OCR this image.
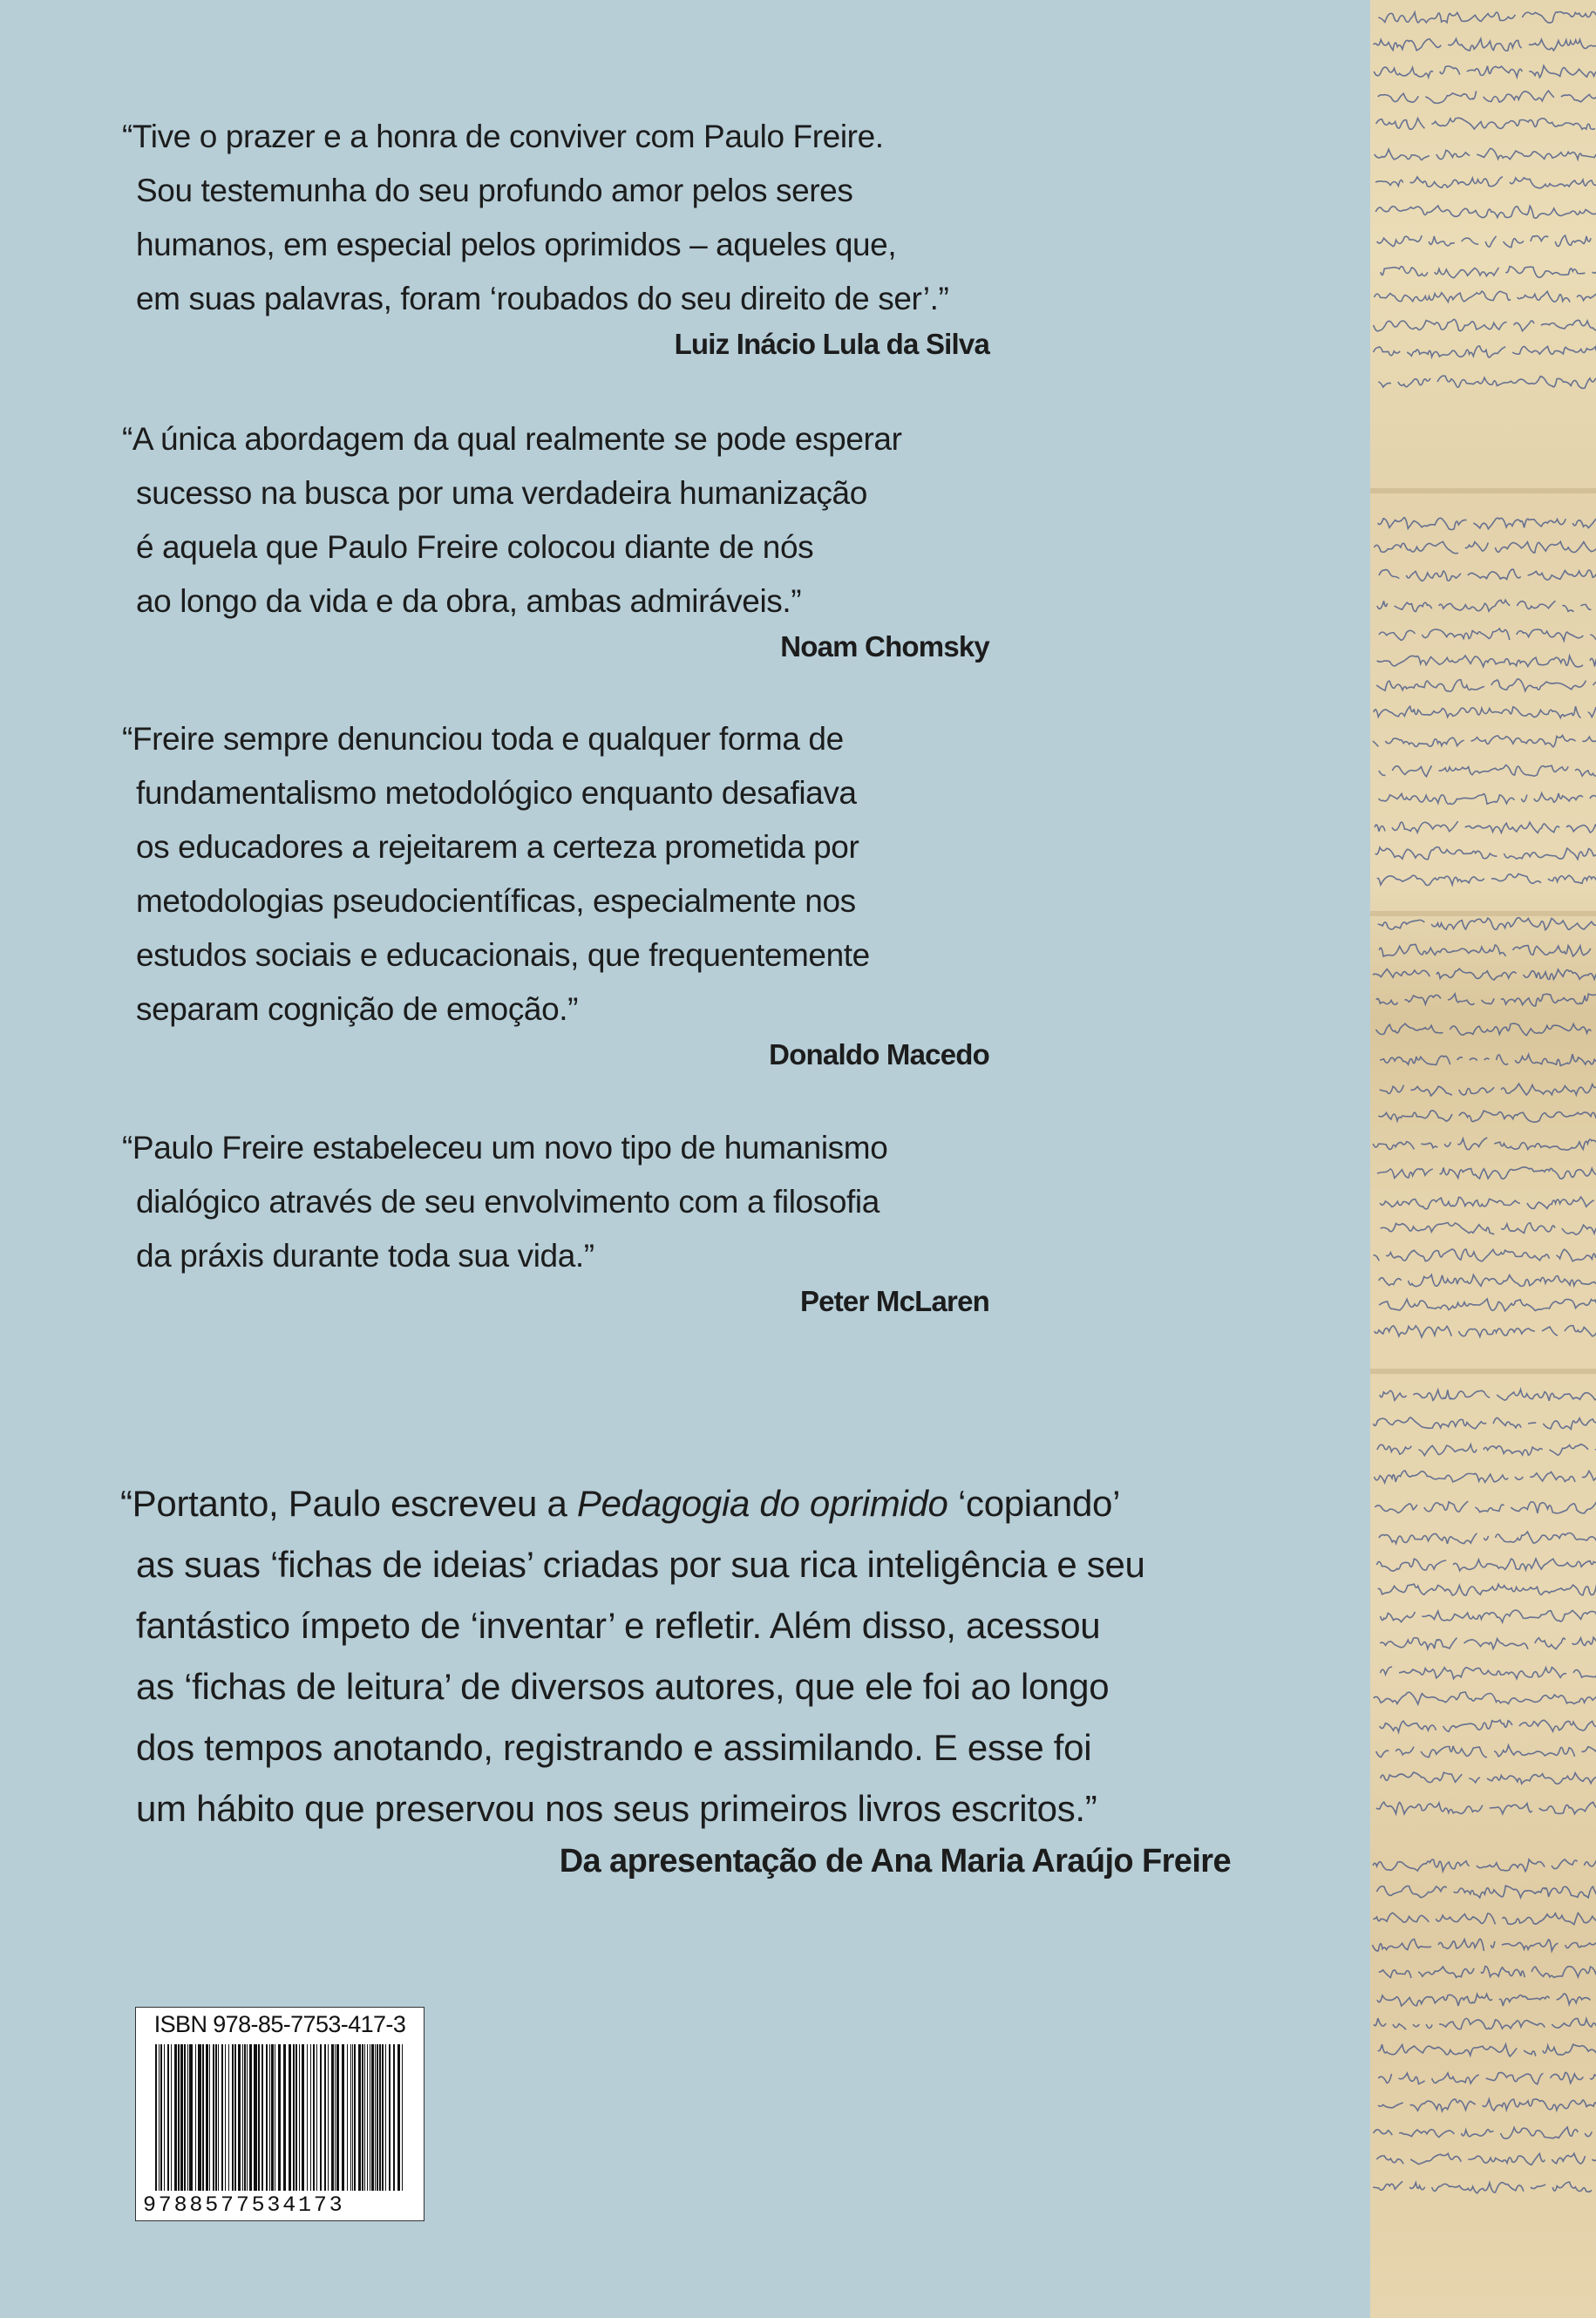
“Tive o prazer e a honra de conviver com Paulo Freire.
Sou testemunha do seu profundo amor pelos seres
humanos, em especial pelos oprimidos – aqueles que,
em suas palavras, foram ‘roubados do seu direito de ser’.”

Luiz Inácio Lula da Silva

“A única abordagem da qual realmente se pode esperar
sucesso na busca por uma verdadeira humanização
é aquela que Paulo Freire colocou diante de nós
ao longo da vida e da obra, ambas admiráveis.”

Noam Chomsky

“Freire sempre denunciou toda e qualquer forma de
fundamentalismo metodológico enquanto desafiava
os educadores a rejeitarem a certeza prometida por
metodologias pseudocientíficas, especialmente nos
estudos sociais e educacionais, que frequentemente
separam cognição de emoção.”

Donaldo Macedo

“Paulo Freire estabeleceu um novo tipo de humanismo
dialógico através de seu envolvimento com a filosofia
da práxis durante toda sua vida.”

Peter McLaren

“Portanto, Paulo escreveu a Pedagogia do oprimido ‘copiando’
as suas ‘fichas de ideias’ criadas por sua rica inteligência e seu
fantástico ímpeto de ‘inventar’ e refletir. Além disso, acessou
as ‘fichas de leitura’ de diversos autores, que ele foi ao longo
dos tempos anotando, registrando e assimilando. E esse foi
um hábito que preservou nos seus primeiros livros escritos.”

Da apresentação de Ana Maria Araújo Freire

ISBN 978-85-7753-417-3
9788577534173
